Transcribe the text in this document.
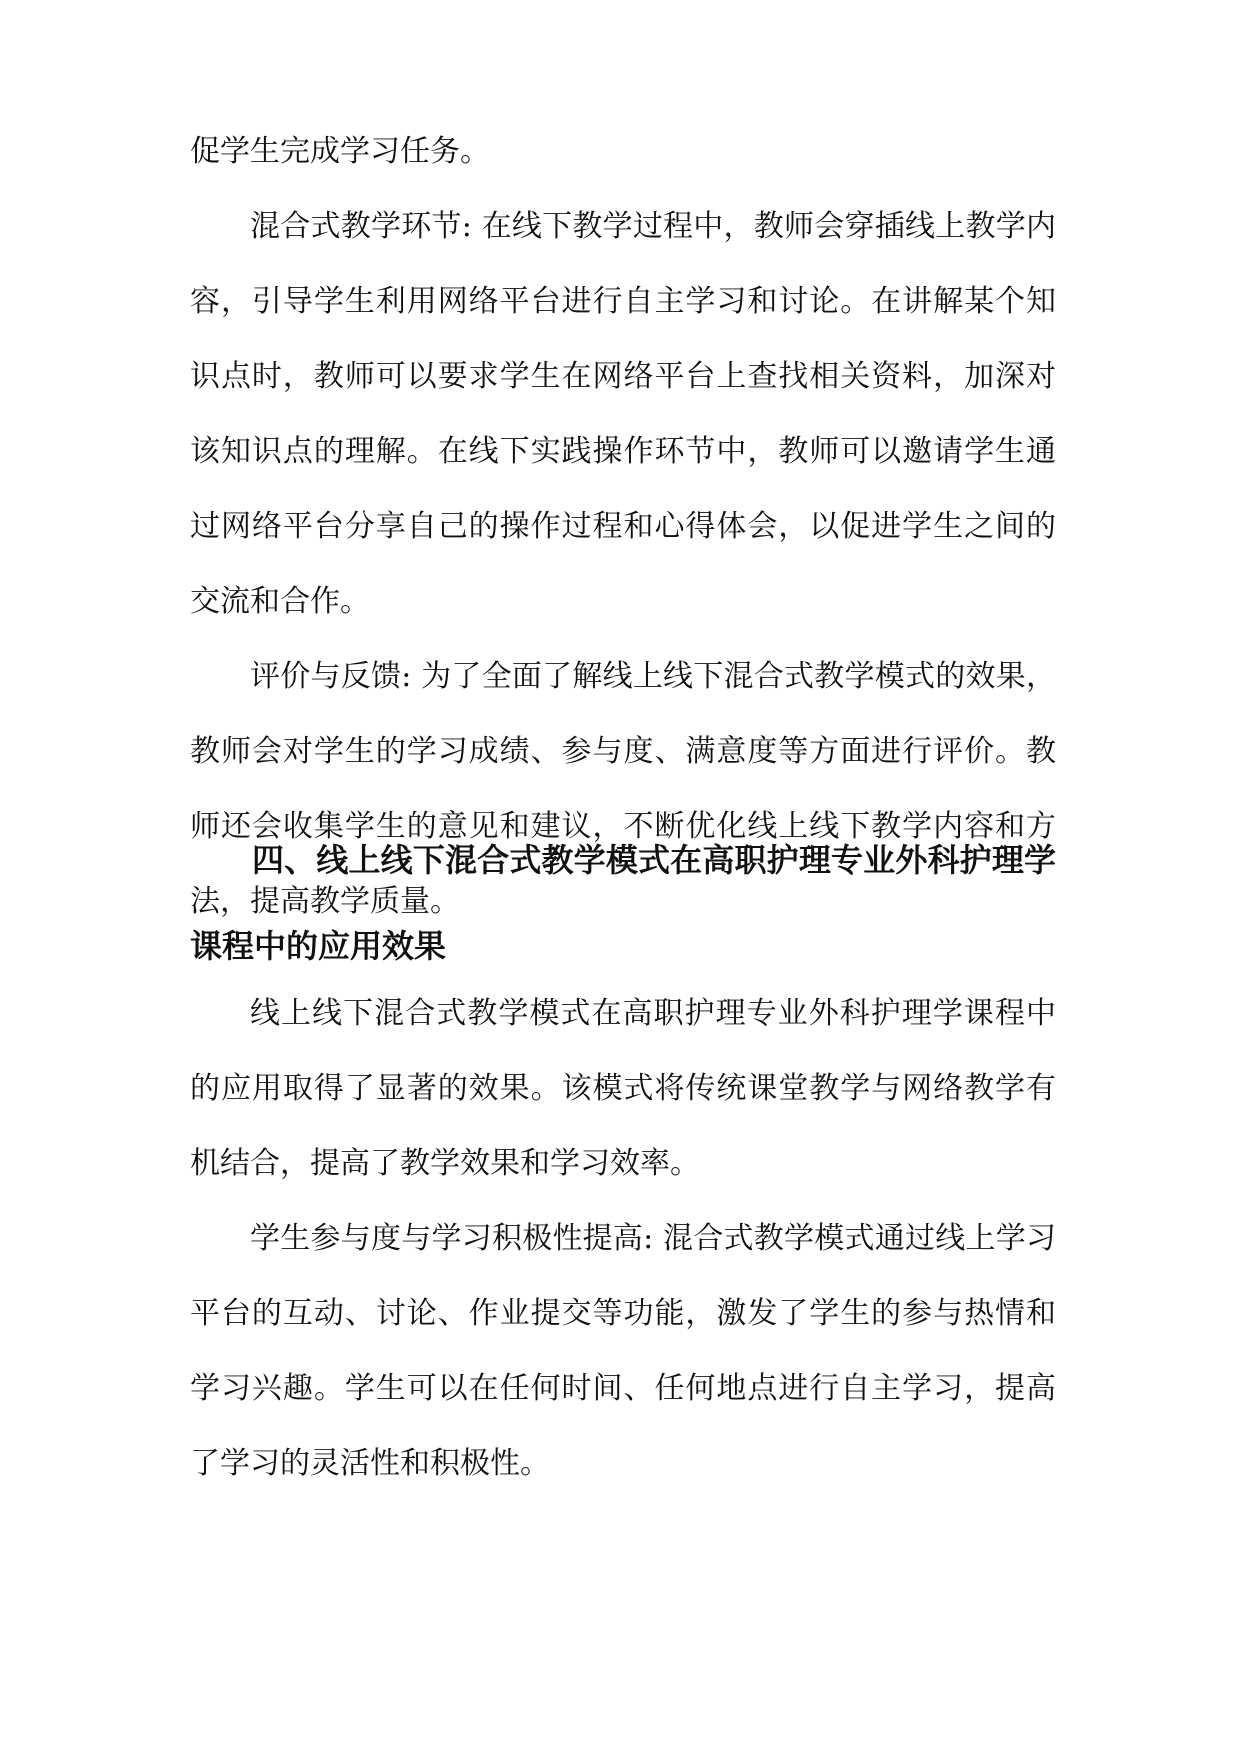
促学生完成学习任务。

混合式教学环节: 在线下教学过程中，教师会穿插线上教学内容，引导学生利用网络平台进行自主学习和讨论。在讲解某个知识点时，教师可以要求学生在网络平台上查找相关资料，加深对该知识点的理解。在线下实践操作环节中，教师可以邀请学生通过网络平台分享自己的操作过程和心得体会，以促进学生之间的交流和合作。

评价与反馈: 为了全面了解线上线下混合式教学模式的效果，教师会对学生的学习成绩、参与度、满意度等方面进行评价。教师还会收集学生的意见和建议，不断优化线上线下教学内容和方法，提高教学质量。

四、线上线下混合式教学模式在高职护理专业外科护理学课程中的应用效果

线上线下混合式教学模式在高职护理专业外科护理学课程中的应用取得了显著的效果。该模式将传统课堂教学与网络教学有机结合，提高了教学效果和学习效率。

学生参与度与学习积极性提高: 混合式教学模式通过线上学习平台的互动、讨论、作业提交等功能，激发了学生的参与热情和学习兴趣。学生可以在任何时间、任何地点进行自主学习，提高了学习的灵活性和积极性。
